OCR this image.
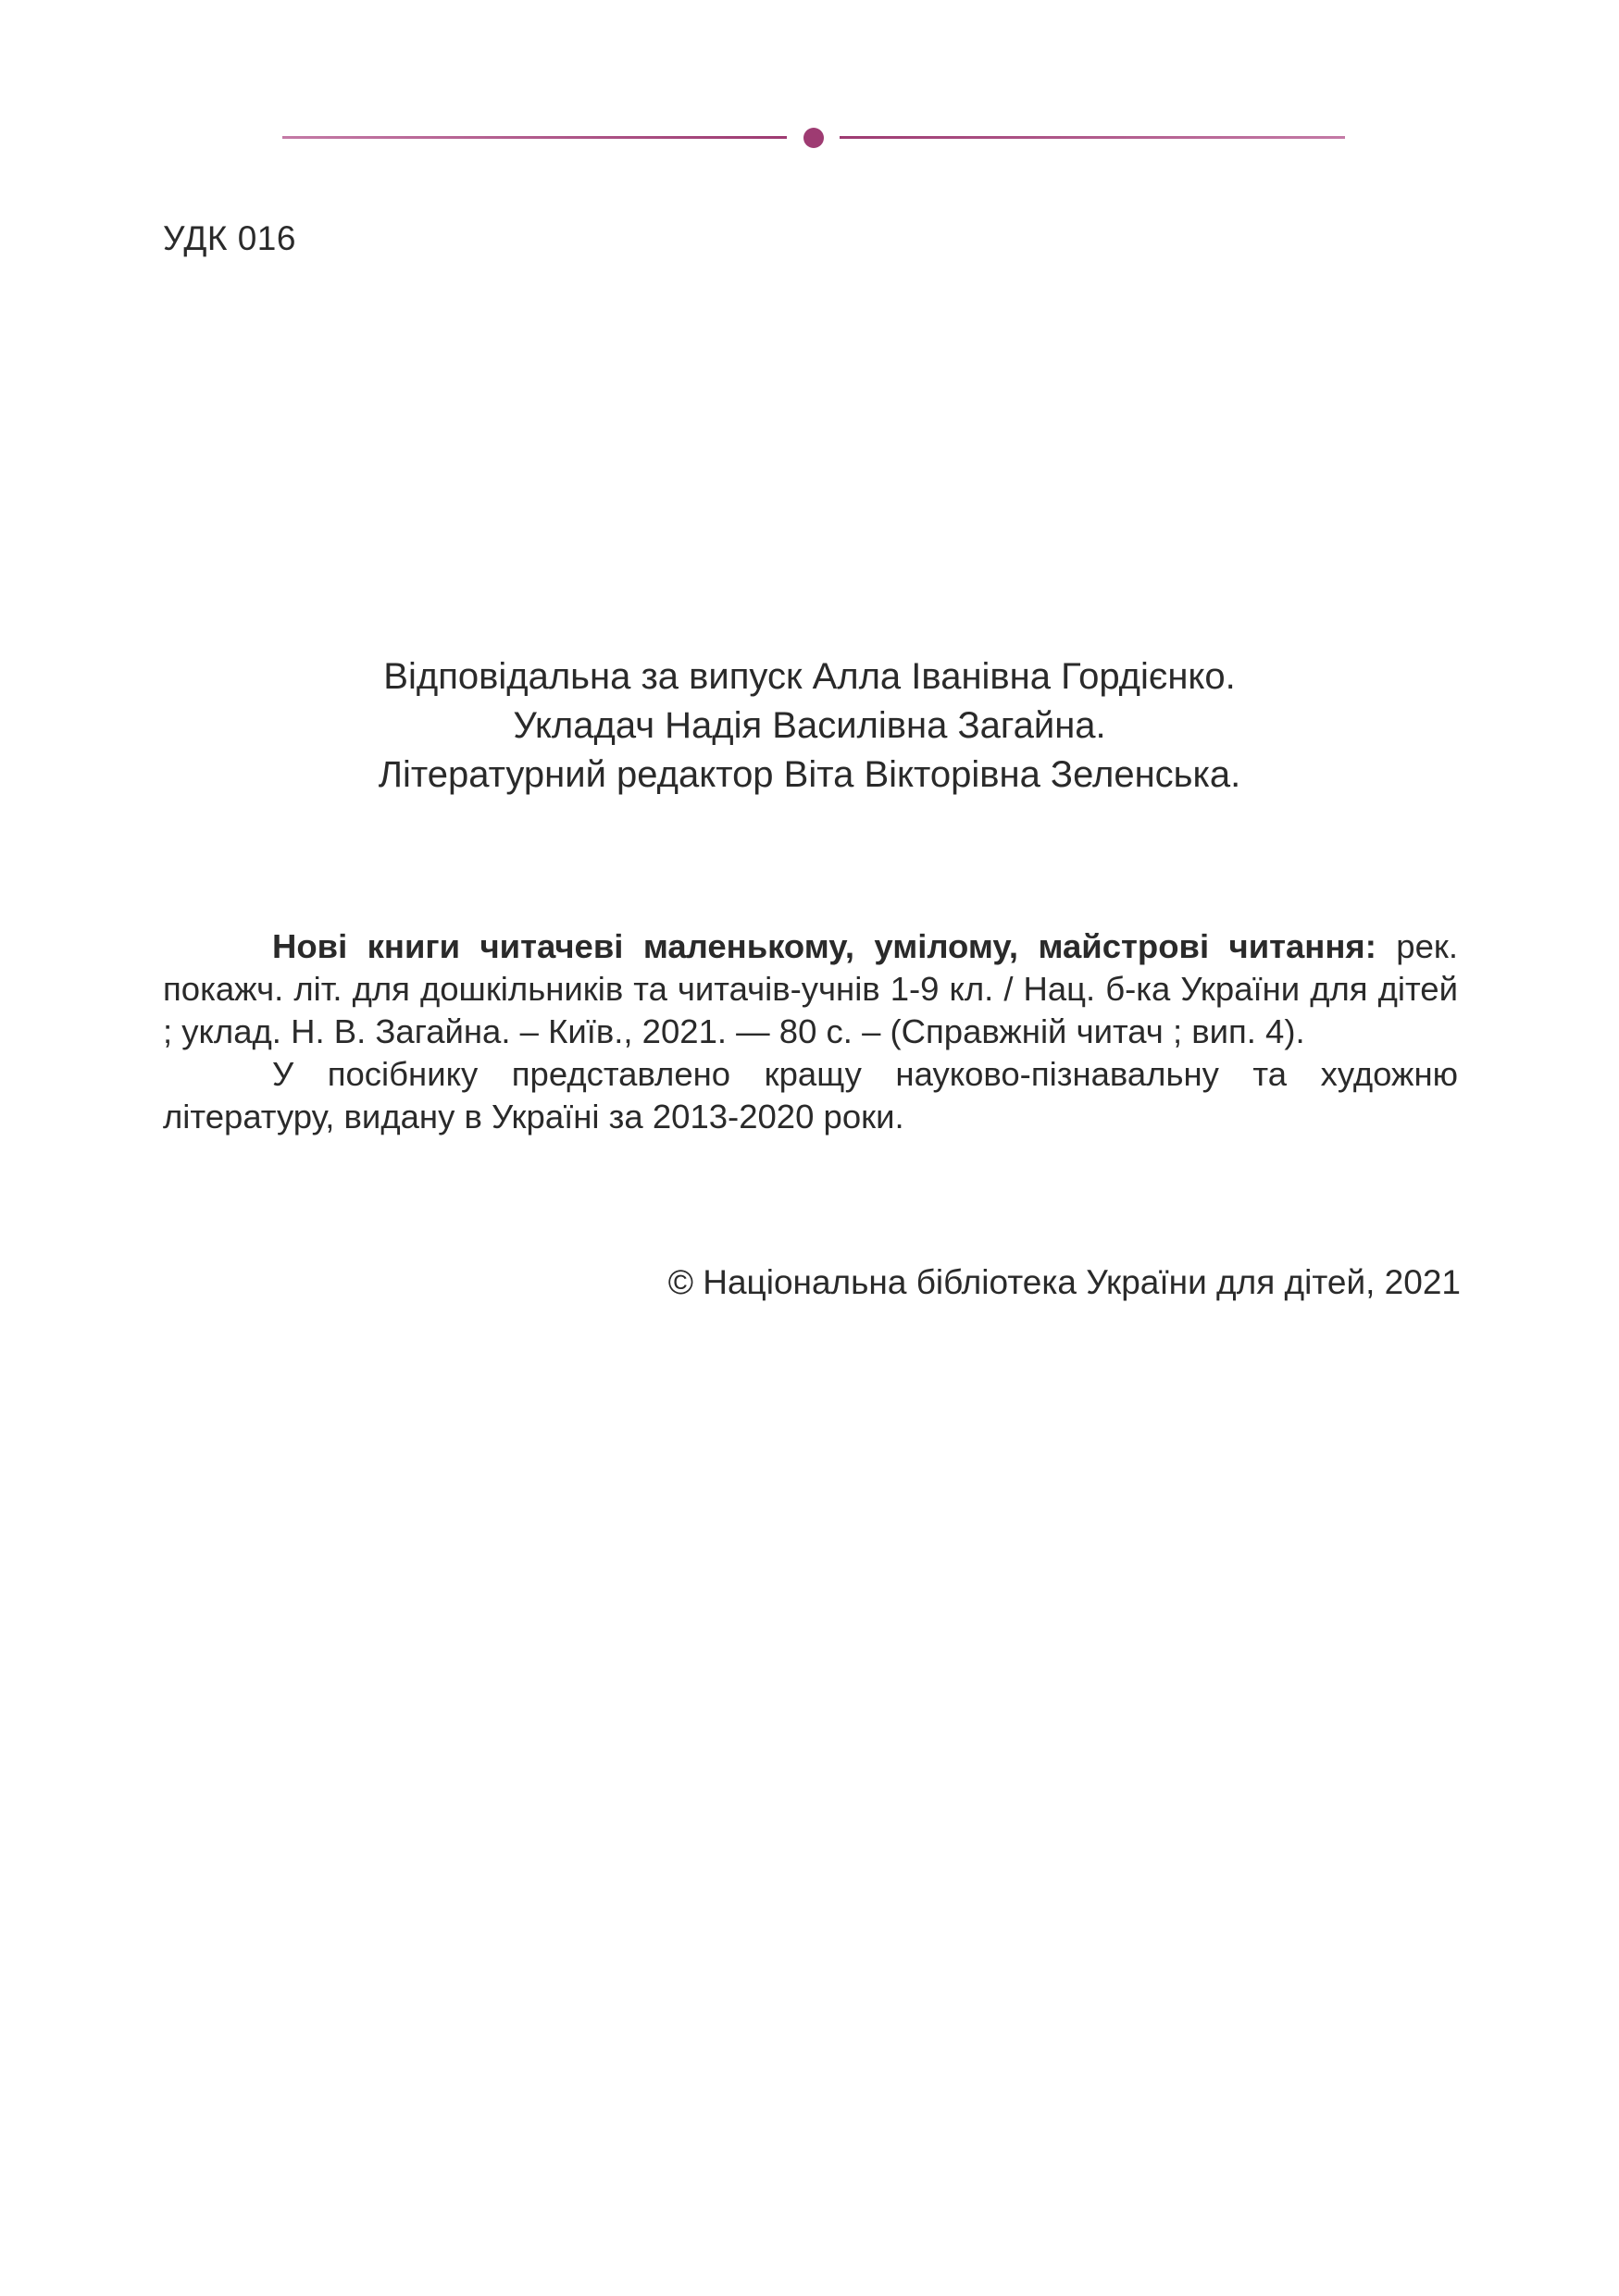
УДК 016
Відповідальна за випуск Алла Іванівна Гордієнко.
Укладач Надія Василівна Загайна.
Літературний редактор Віта Вікторівна Зеленська.

Нові книги читачеві маленькому, умілому, майстрові читання: рек. покажч. літ. для дошкільників та читачів-учнів 1-9 кл. / Нац. б-ка України для дітей ; уклад. Н. В. Загайна. – Київ., 2021. — 80 с. – (Справжній читач ; вип. 4).

У посібнику представлено кращу науково-пізнавальну та художню літературу, видану в Україні за 2013-2020 роки.

© Національна бібліотека України для дітей, 2021
